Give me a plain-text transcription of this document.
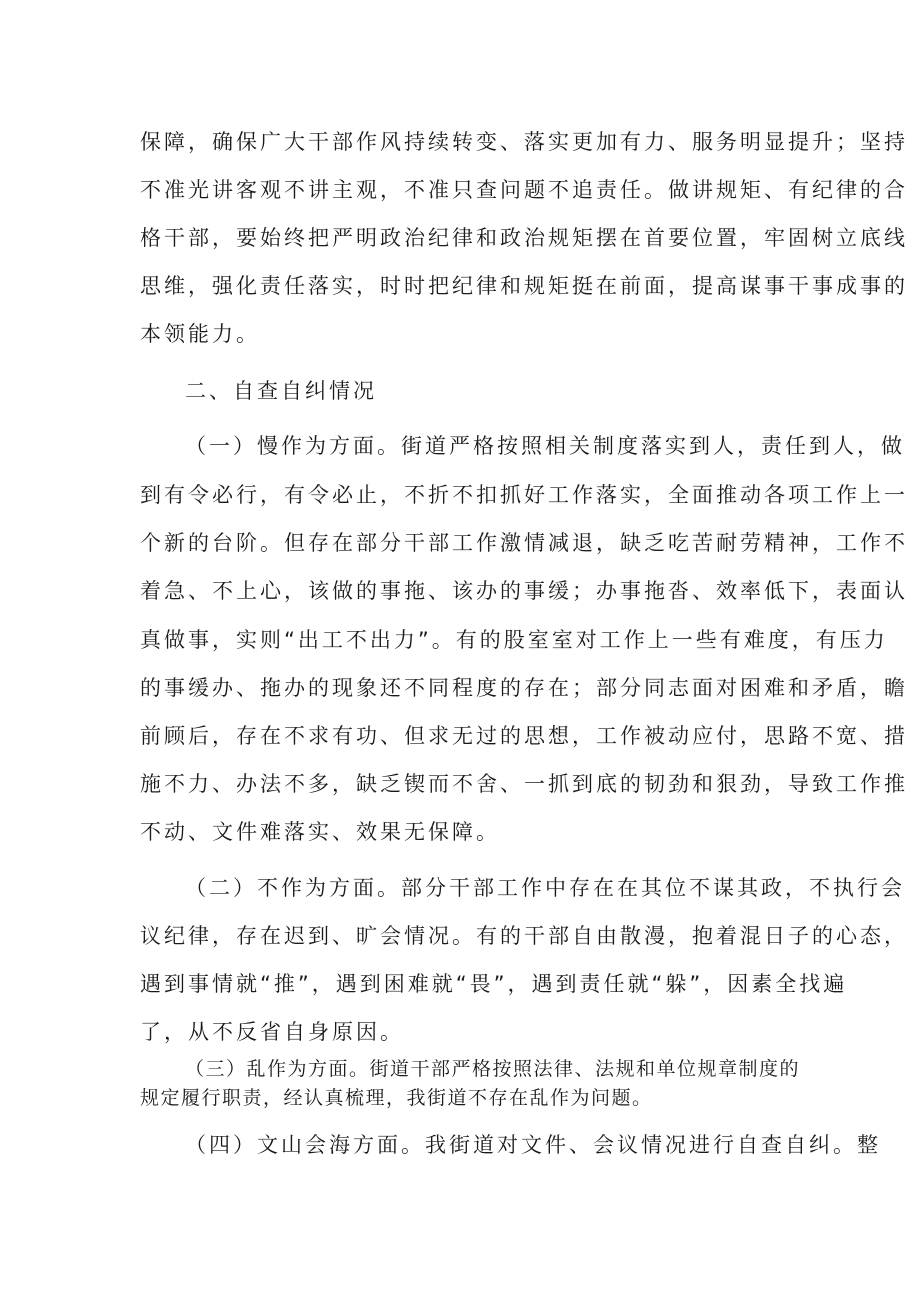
保障，确保广大干部作风持续转变、落实更加有力、服务明显提升；坚持
不准光讲客观不讲主观，不准只查问题不追责任。做讲规矩、有纪律的合
格干部，要始终把严明政治纪律和政治规矩摆在首要位置，牢固树立底线
思维，强化责任落实，时时把纪律和规矩挺在前面，提高谋事干事成事的
本领能力。
二、自查自纠情况
（一）慢作为方面。街道严格按照相关制度落实到人，责任到人，做
到有令必行，有令必止，不折不扣抓好工作落实，全面推动各项工作上一
个新的台阶。但存在部分干部工作激情减退，缺乏吃苦耐劳精神，工作不
着急、不上心，该做的事拖、该办的事缓；办事拖沓、效率低下，表面认
真做事，实则“出工不出力”。有的股室室对工作上一些有难度，有压力
的事缓办、拖办的现象还不同程度的存在；部分同志面对困难和矛盾，瞻
前顾后，存在不求有功、但求无过的思想，工作被动应付，思路不宽、措
施不力、办法不多，缺乏锲而不舍、一抓到底的韧劲和狠劲，导致工作推
不动、文件难落实、效果无保障。
（二）不作为方面。部分干部工作中存在在其位不谋其政，不执行会
议纪律，存在迟到、旷会情况。有的干部自由散漫，抱着混日子的心态，
遇到事情就“推”，遇到困难就“畏”，遇到责任就“躲”，因素全找遍
了，从不反省自身原因。
（三）乱作为方面。街道干部严格按照法律、法规和单位规章制度的
规定履行职责，经认真梳理，我街道不存在乱作为问题。
（四）文山会海方面。我街道对文件、会议情况进行自查自纠。整
